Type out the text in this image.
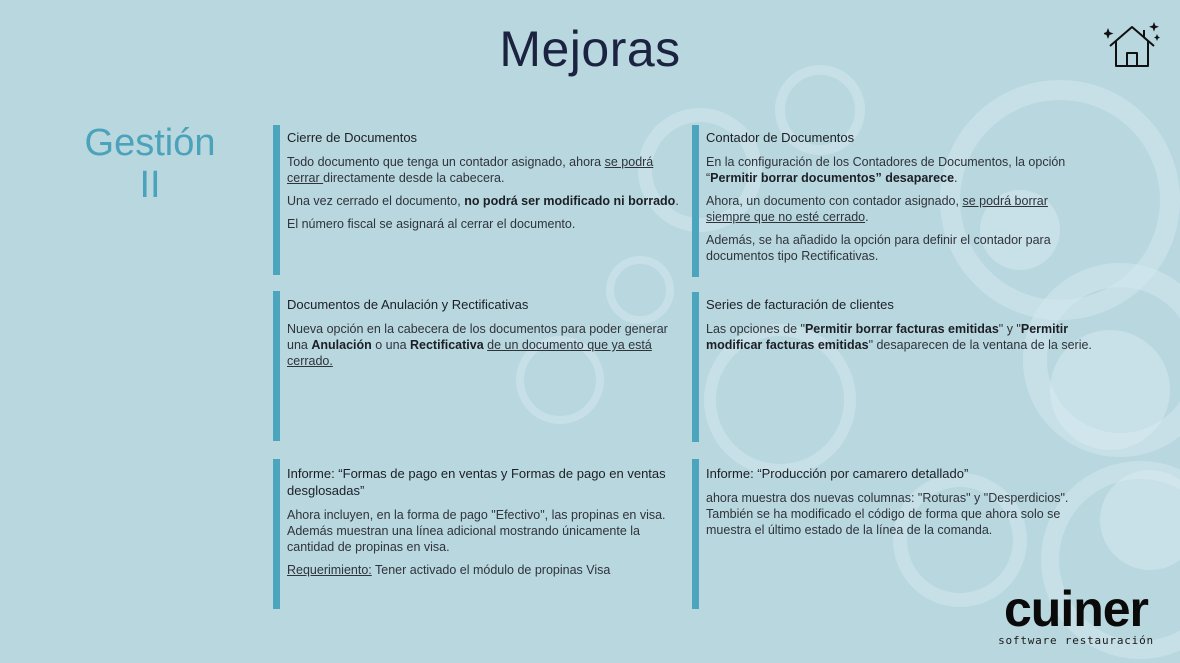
Mejoras
Gestión
II
Cierre de Documentos

Todo documento que tenga un contador asignado, ahora se podrá cerrar directamente desde la cabecera.

Una vez cerrado el documento, no podrá ser modificado ni borrado.

El número fiscal se asignará al cerrar el documento.

Contador de Documentos

En la configuración de los Contadores de Documentos, la opción “Permitir borrar documentos” desaparece.

Ahora, un documento con contador asignado, se podrá borrar siempre que no esté cerrado.

Además, se ha añadido la opción para definir el contador para documentos tipo Rectificativas.

Documentos de Anulación y Rectificativas

Nueva opción en la cabecera de los documentos para poder generar una Anulación o una Rectificativa de un documento que ya está cerrado.

Series de facturación de clientes

Las opciones de "Permitir borrar facturas emitidas" y "Permitir modificar facturas emitidas" desaparecen de la ventana de la serie.

Informe: “Formas de pago en ventas y Formas de pago en ventas desglosadas”

Ahora incluyen, en la forma de pago "Efectivo", las propinas en visa. Además muestran una línea adicional mostrando únicamente la cantidad de propinas en visa.

Requerimiento: Tener activado el módulo de propinas Visa

Informe: “Producción por camarero detallado”

ahora muestra dos nuevas columnas: "Roturas" y "Desperdicios". También se ha modificado el código de forma que ahora solo se muestra el último estado de la línea de la comanda.

cuiner
software restauración
